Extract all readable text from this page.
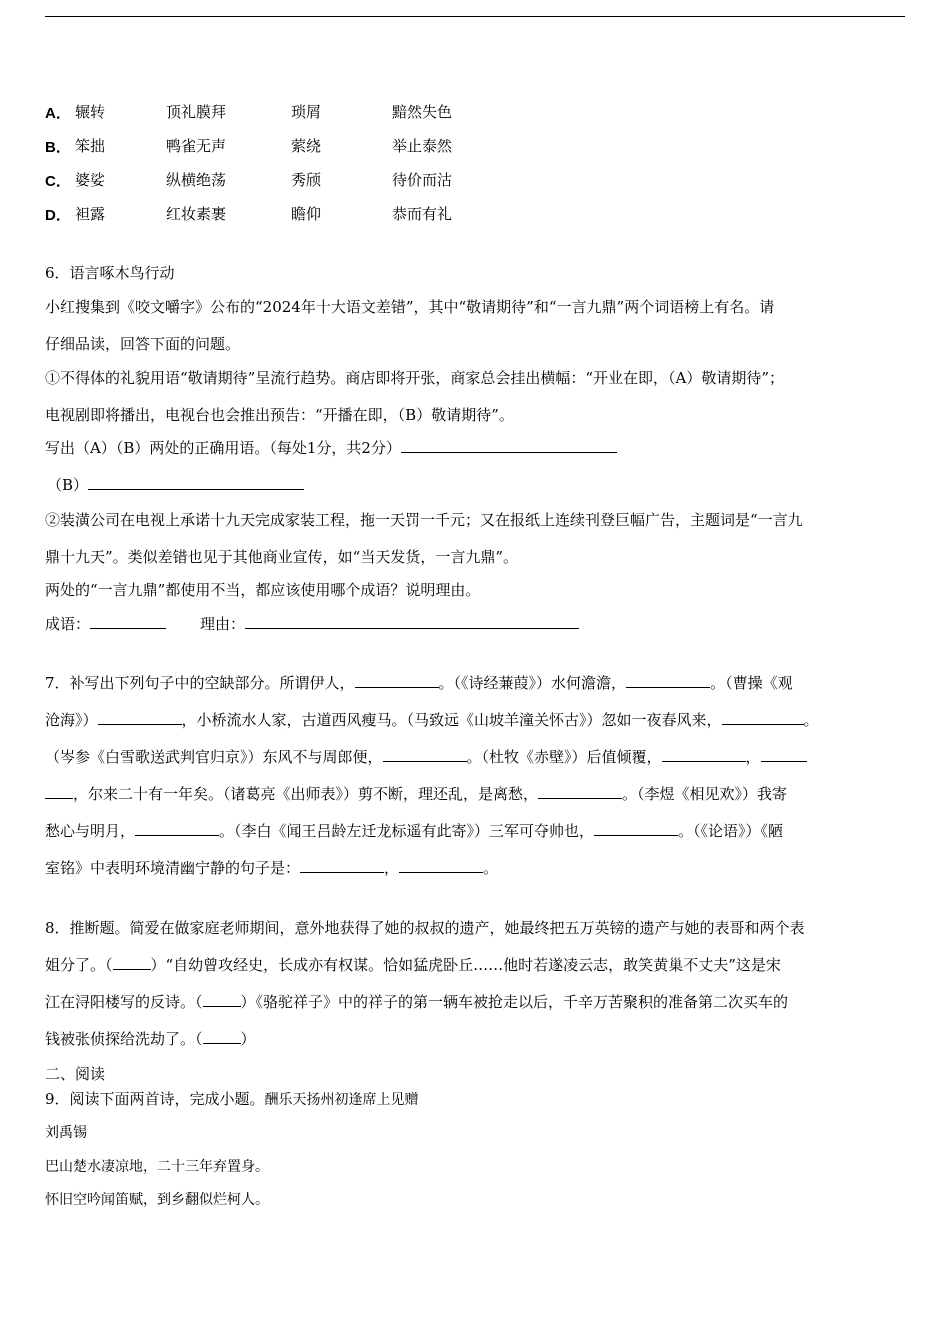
A． 辗转	顶礼膜拜	琐屑	黯然失色
B． 笨拙	鸭雀无声	萦绕	举止泰然
C． 婆娑	纵横绝荡	秀颀	待价而沽
D． 袒露	红妆素裹	瞻仰	恭而有礼
6．语言啄木鸟行动
小红搜集到《咬文嚼字》公布的“2024年十大语文差错”，其中“敬请期待”和“一言九鼎”两个词语榜上有名。请
仔细品读，回答下面的问题。
①不得体的礼貌用语“敬请期待”呈流行趋势。商店即将开张，商家总会挂出横幅：“开业在即，（A）敬请期待”；
电视剧即将播出，电视台也会推出预告：“开播在即，（B）敬请期待”。
写出（A）（B）两处的正确用语。（每处1分，共2分）
（B）
②装潢公司在电视上承诺十九天完成家装工程，拖一天罚一千元；又在报纸上连续刊登巨幅广告，主题词是“一言九
鼎十九天”。类似差错也见于其他商业宣传，如“当天发货，一言九鼎”。
两处的“一言九鼎”都使用不当，都应该使用哪个成语？说明理由。
成语：	理由：
7．补写出下列句子中的空缺部分。所谓伊人，	。（《诗经蒹葭》）水何澹澹，	。（曹操《观
沧海》）	，小桥流水人家，古道西风瘦马。（马致远《山坡羊潼关怀古》）忽如一夜春风来，	。
（岑参《白雪歌送武判官归京》）东风不与周郎便，	。（杜牧《赤壁》）后值倾覆，	，
，尔来二十有一年矣。（诸葛亮《出师表》）剪不断，理还乱，是离愁，	。（李煜《相见欢》）我寄
愁心与明月，	。（李白《闻王吕龄左迁龙标遥有此寄》）三军可夺帅也，	。（《论语》）《陋
室铭》中表明环境清幽宁静的句子是：	，	。
8．推断题。简爱在做家庭老师期间，意外地获得了她的叔叔的遗产，她最终把五万英镑的遗产与她的表哥和两个表
姐分了。（	）“自幼曾攻经史，长成亦有权谋。恰如猛虎卧丘……他时若遂凌云志，敢笑黄巢不丈夫”这是宋
江在浔阳楼写的反诗。（	）《骆驼祥子》中的祥子的第一辆车被抢走以后，千辛万苦聚积的准备第二次买车的
钱被张侦探给洗劫了。（	）
二、阅读
9．阅读下面两首诗，完成小题。酬乐天扬州初逢席上见赠
刘禹锡
巴山楚水凄凉地，二十三年弃置身。
怀旧空吟闻笛赋，到乡翻似烂柯人。
